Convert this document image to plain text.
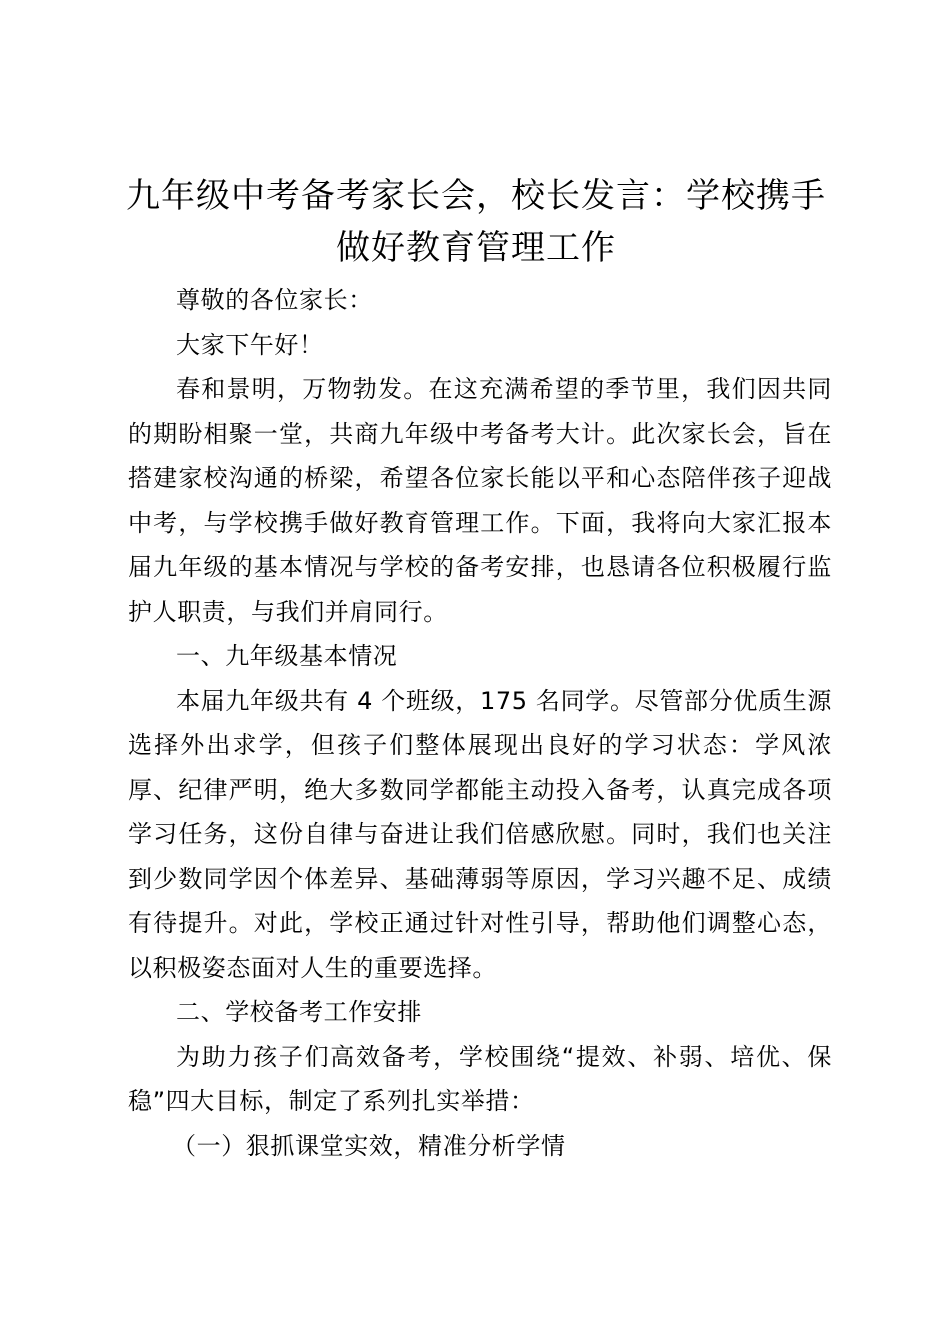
九年级中考备考家长会，校长发言：学校携手做好教育管理工作

尊敬的各位家长：

大家下午好！

春和景明，万物勃发。在这充满希望的季节里，我们因共同的期盼相聚一堂，共商九年级中考备考大计。此次家长会，旨在搭建家校沟通的桥梁，希望各位家长能以平和心态陪伴孩子迎战中考，与学校携手做好教育管理工作。下面，我将向大家汇报本届九年级的基本情况与学校的备考安排，也恳请各位积极履行监护人职责，与我们并肩同行。

一、九年级基本情况

本届九年级共有 4 个班级，175 名同学。尽管部分优质生源选择外出求学，但孩子们整体展现出良好的学习状态：学风浓厚、纪律严明，绝大多数同学都能主动投入备考，认真完成各项学习任务，这份自律与奋进让我们倍感欣慰。同时，我们也关注到少数同学因个体差异、基础薄弱等原因，学习兴趣不足、成绩有待提升。对此，学校正通过针对性引导，帮助他们调整心态，以积极姿态面对人生的重要选择。

二、学校备考工作安排

为助力孩子们高效备考，学校围绕“提效、补弱、培优、保稳”四大目标，制定了系列扎实举措：

（一）狠抓课堂实效，精准分析学情
